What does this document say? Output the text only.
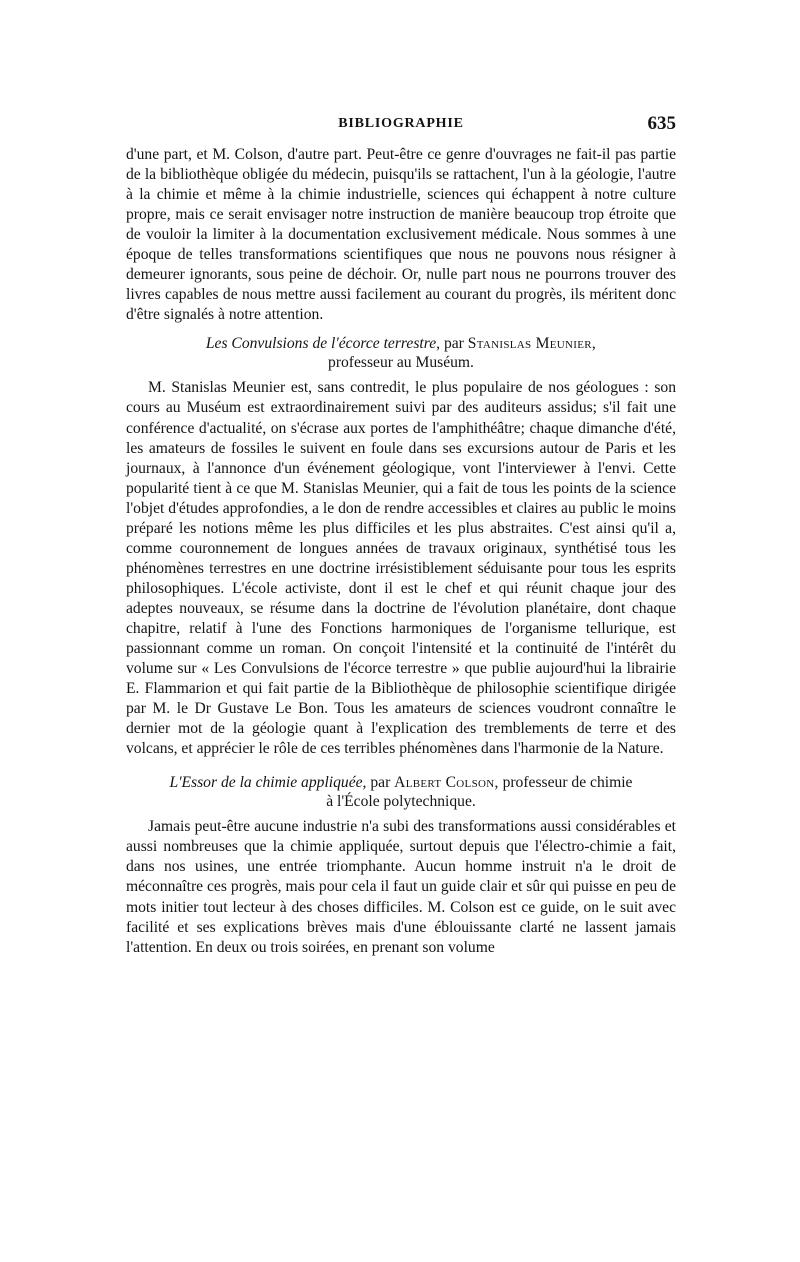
BIBLIOGRAPHIE	635

d'une part, et M. Colson, d'autre part. Peut-être ce genre d'ouvrages ne fait-il pas partie de la bibliothèque obligée du médecin, puisqu'ils se rattachent, l'un à la géologie, l'autre à la chimie et même à la chimie industrielle, sciences qui échappent à notre culture propre, mais ce serait envisager notre instruction de manière beaucoup trop étroite que de vouloir la limiter à la documentation exclusivement médicale. Nous sommes à une époque de telles transformations scientifiques que nous ne pouvons nous résigner à demeurer ignorants, sous peine de déchoir. Or, nulle part nous ne pourrons trouver des livres capables de nous mettre aussi facilement au courant du progrès, ils méritent donc d'être signalés à notre attention.

Les Convulsions de l'écorce terrestre, par Stanislas Meunier,
professeur au Muséum.

M. Stanislas Meunier est, sans contredit, le plus populaire de nos géologues : son cours au Muséum est extraordinairement suivi par des auditeurs assidus; s'il fait une conférence d'actualité, on s'écrase aux portes de l'amphithéâtre; chaque dimanche d'été, les amateurs de fossiles le suivent en foule dans ses excursions autour de Paris et les journaux, à l'annonce d'un événement géologique, vont l'interviewer à l'envi. Cette popularité tient à ce que M. Stanislas Meunier, qui a fait de tous les points de la science l'objet d'études approfondies, a le don de rendre accessibles et claires au public le moins préparé les notions même les plus difficiles et les plus abstraites. C'est ainsi qu'il a, comme couronnement de longues années de travaux originaux, synthétisé tous les phénomènes terrestres en une doctrine irrésistiblement séduisante pour tous les esprits philosophiques. L'école activiste, dont il est le chef et qui réunit chaque jour des adeptes nouveaux, se résume dans la doctrine de l'évolution planétaire, dont chaque chapitre, relatif à l'une des Fonctions harmoniques de l'organisme tellurique, est passionnant comme un roman. On conçoit l'intensité et la continuité de l'intérêt du volume sur « Les Convulsions de l'écorce terrestre » que publie aujourd'hui la librairie E. Flammarion et qui fait partie de la Bibliothèque de philosophie scientifique dirigée par M. le Dr Gustave Le Bon. Tous les amateurs de sciences voudront connaître le dernier mot de la géologie quant à l'explication des tremblements de terre et des volcans, et apprécier le rôle de ces terribles phénomènes dans l'harmonie de la Nature.

L'Essor de la chimie appliquée, par Albert Colson, professeur de chimie
à l'École polytechnique.

Jamais peut-être aucune industrie n'a subi des transformations aussi considérables et aussi nombreuses que la chimie appliquée, surtout depuis que l'électro-chimie a fait, dans nos usines, une entrée triomphante. Aucun homme instruit n'a le droit de méconnaître ces progrès, mais pour cela il faut un guide clair et sûr qui puisse en peu de mots initier tout lecteur à des choses difficiles. M. Colson est ce guide, on le suit avec facilité et ses explications brèves mais d'une éblouissante clarté ne lassent jamais l'attention. En deux ou trois soirées, en prenant son volume
